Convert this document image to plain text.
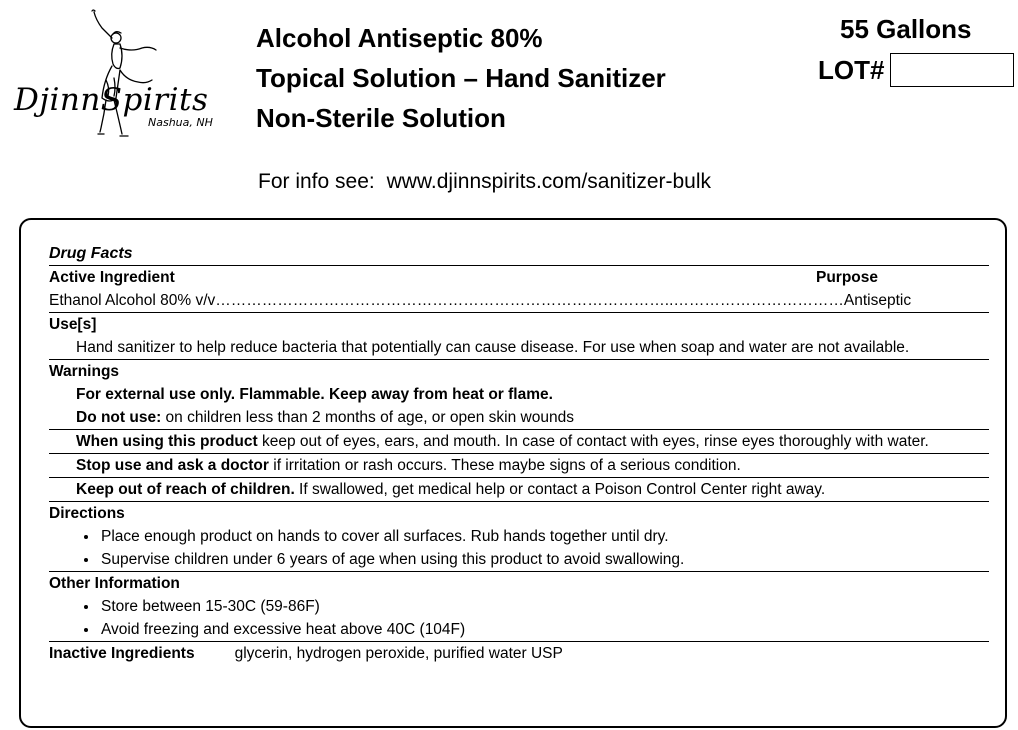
DjinnSpirits
Nashua, NH
Alcohol Antiseptic 80%
Topical Solution – Hand Sanitizer
Non-Sterile Solution
55 Gallons
LOT#
For info see: www.djinnspirits.com/sanitizer-bulk
Drug Facts
Active Ingredient	Purpose
Ethanol Alcohol 80% v/v……………………………………………………………………………..……………………………Antiseptic
Use[s]
Hand sanitizer to help reduce bacteria that potentially can cause disease. For use when soap and water are not available.
Warnings
For external use only. Flammable. Keep away from heat or flame.
Do not use: on children less than 2 months of age, or open skin wounds
When using this product keep out of eyes, ears, and mouth. In case of contact with eyes, rinse eyes thoroughly with water.
Stop use and ask a doctor if irritation or rash occurs. These maybe signs of a serious condition.
Keep out of reach of children. If swallowed, get medical help or contact a Poison Control Center right away.
Directions
• Place enough product on hands to cover all surfaces. Rub hands together until dry.
• Supervise children under 6 years of age when using this product to avoid swallowing.
Other Information
• Store between 15-30C (59-86F)
• Avoid freezing and excessive heat above 40C (104F)
Inactive Ingredients	glycerin, hydrogen peroxide, purified water USP
